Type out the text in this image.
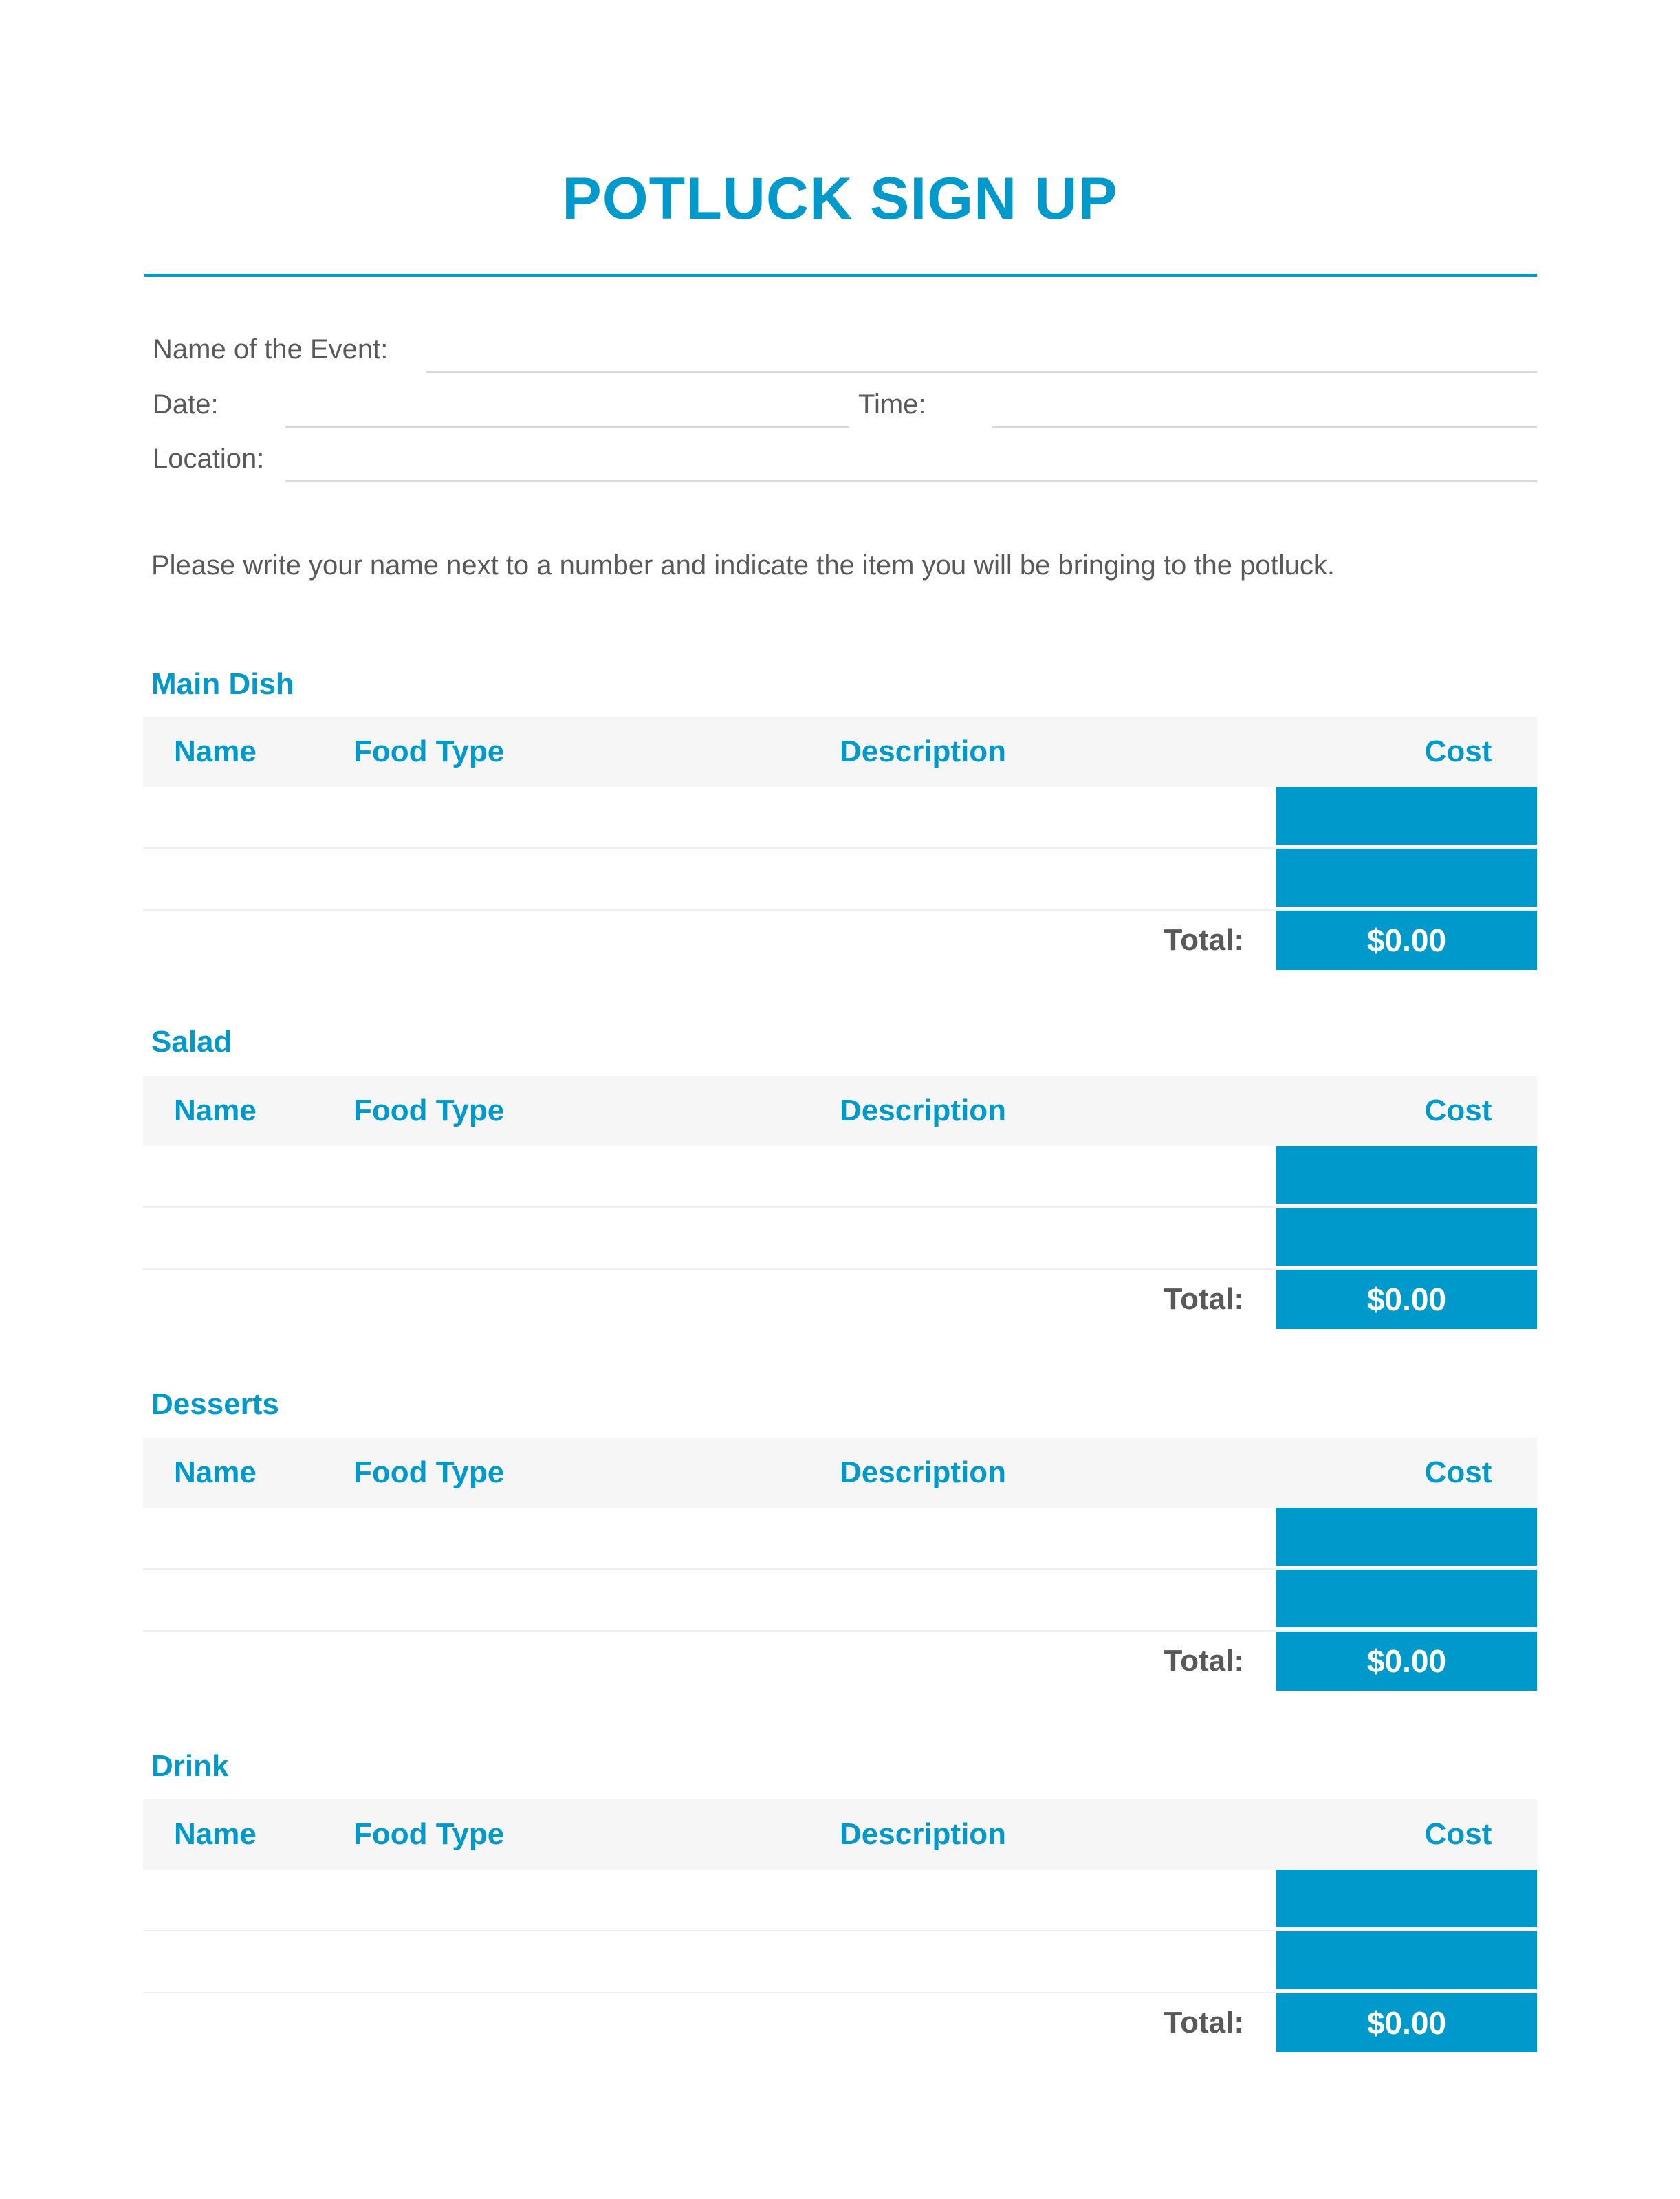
POTLUCK SIGN UP
Name of the Event:
Date:	Time:
Location:
Please write your name next to a number and indicate the item you will be bringing to the potluck.
Main Dish
Name	Food Type	Description	Cost
Total:	$0.00
Salad
Name	Food Type	Description	Cost
Total:	$0.00
Desserts
Name	Food Type	Description	Cost
Total:	$0.00
Drink
Name	Food Type	Description	Cost
Total:	$0.00
